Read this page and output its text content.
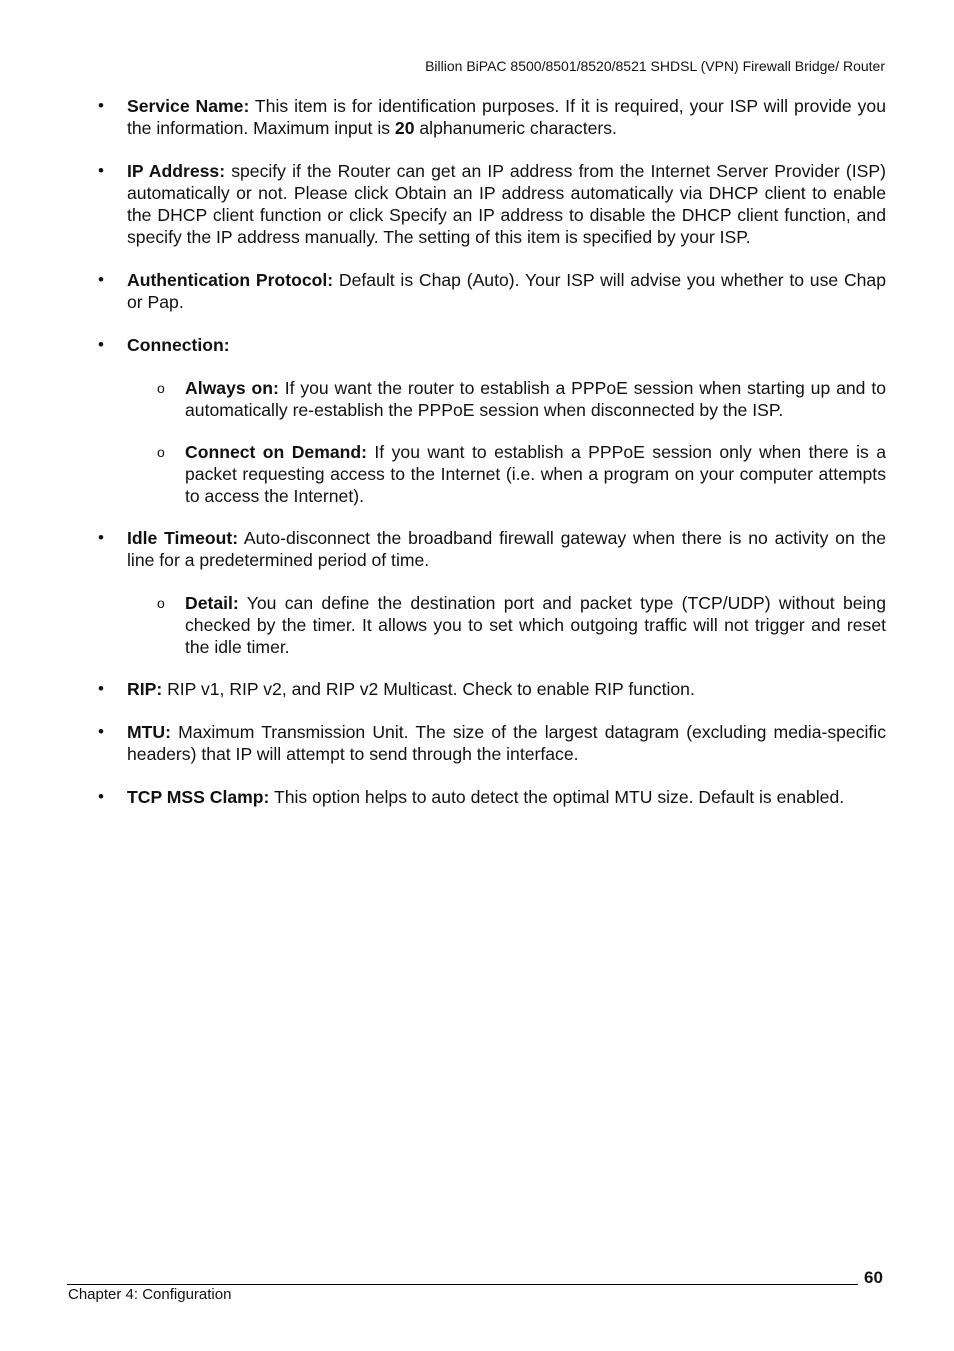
Billion BiPAC 8500/8501/8520/8521 SHDSL (VPN) Firewall Bridge/ Router
• Service Name: This item is for identification purposes. If it is required, your ISP will provide you the information. Maximum input is 20 alphanumeric characters.
• IP Address: specify if the Router can get an IP address from the Internet Server Provider (ISP) automatically or not. Please click Obtain an IP address automatically via DHCP client to enable the DHCP client function or click Specify an IP address to disable the DHCP client function, and specify the IP address manually. The setting of this item is specified by your ISP.
• Authentication Protocol: Default is Chap (Auto). Your ISP will advise you whether to use Chap or Pap.
• Connection:
o Always on: If you want the router to establish a PPPoE session when starting up and to automatically re-establish the PPPoE session when disconnected by the ISP.
o Connect on Demand: If you want to establish a PPPoE session only when there is a packet requesting access to the Internet (i.e. when a program on your computer attempts to access the Internet).
• Idle Timeout: Auto-disconnect the broadband firewall gateway when there is no activity on the line for a predetermined period of time.
o Detail: You can define the destination port and packet type (TCP/UDP) without being checked by the timer. It allows you to set which outgoing traffic will not trigger and reset the idle timer.
• RIP: RIP v1, RIP v2, and RIP v2 Multicast. Check to enable RIP function.
• MTU: Maximum Transmission Unit. The size of the largest datagram (excluding media-specific headers) that IP will attempt to send through the interface.
• TCP MSS Clamp: This option helps to auto detect the optimal MTU size. Default is enabled.
60
Chapter 4: Configuration
